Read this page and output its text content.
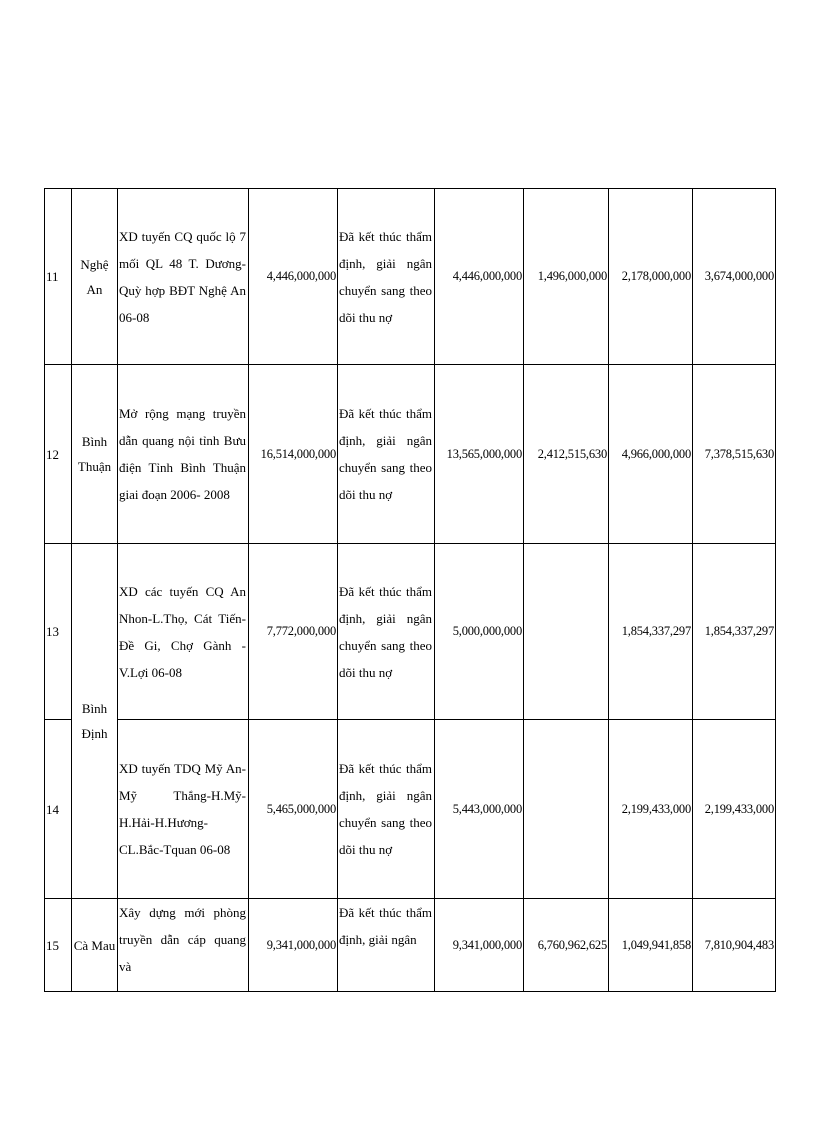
11	Nghệ An	XD tuyến CQ quốc lộ 7 mối QL 48 T. Dương-Quỳ hợp BĐT Nghệ An 06-08	4,446,000,000	Đã kết thúc thẩm định, giải ngân chuyển sang theo dõi thu nợ	4,446,000,000	1,496,000,000	2,178,000,000	3,674,000,000
12	Bình Thuận	Mở rộng mạng truyền dẫn quang nội tỉnh Bưu điện Tỉnh Bình Thuận giai đoạn 2006- 2008	16,514,000,000	Đã kết thúc thẩm định, giải ngân chuyển sang theo dõi thu nợ	13,565,000,000	2,412,515,630	4,966,000,000	7,378,515,630
13	Bình Định	XD các tuyến CQ An Nhon-L.Thọ, Cát Tiến-Đề Gi, Chợ Gành - V.Lợi 06-08	7,772,000,000	Đã kết thúc thẩm định, giải ngân chuyển sang theo dõi thu nợ	5,000,000,000		1,854,337,297	1,854,337,297
14		XD tuyến TDQ Mỹ An-Mỹ Thắng-H.Mỹ-H.Hải-H.Hương-CL.Bắc-Tquan 06-08	5,465,000,000	Đã kết thúc thẩm định, giải ngân chuyển sang theo dõi thu nợ	5,443,000,000		2,199,433,000	2,199,433,000
15	Cà Mau	Xây dựng mới phòng truyền dẫn cáp quang và	9,341,000,000	Đã kết thúc thẩm định, giải ngân	9,341,000,000	6,760,962,625	1,049,941,858	7,810,904,483
